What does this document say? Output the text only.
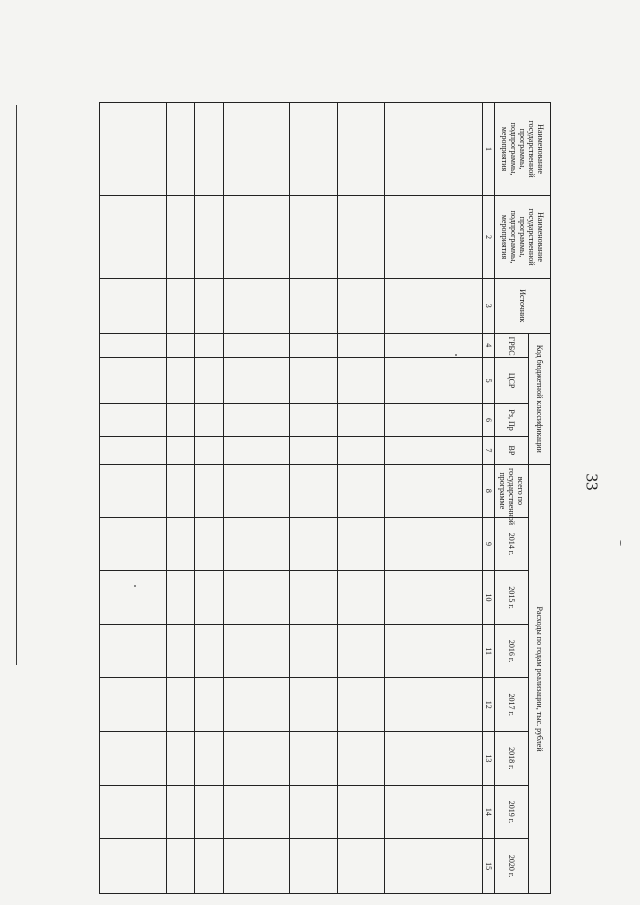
33
Наименование государственной программы, подпрограммы, мероприятия	Наименование государственной программы, подпрограммы, мероприятия	Источник	Код бюджетной классификации				Расходы по годам реализации, тыс. рублей							
			ГРБС	ЦСР	Рз, Пр	ВР	всего по государственной программе	2014 г.	2015 г.	2016 г.	2017 г.	2018 г.	2019 г.	2020 г.
1	2	3	4	5	6	7	8	9	10	11	12	13	14	15
